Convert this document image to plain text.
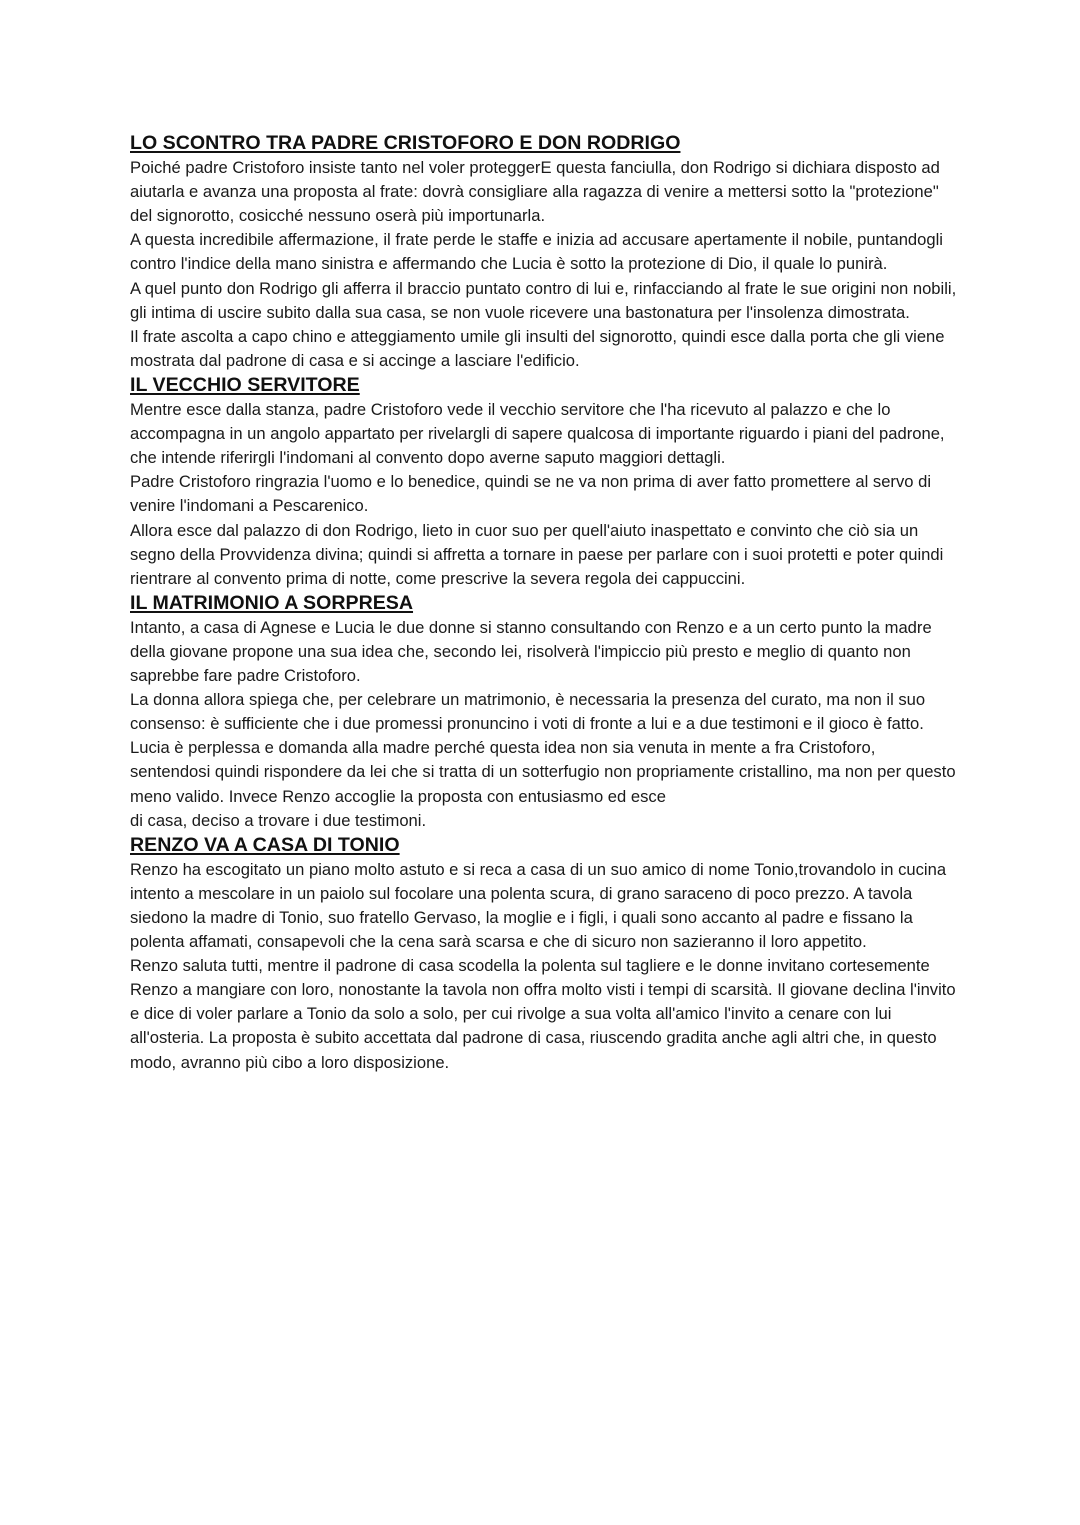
LO SCONTRO TRA PADRE CRISTOFORO E DON RODRIGO

Poiché padre Cristoforo insiste tanto nel voler proteggerE questa fanciulla, don Rodrigo si dichiara disposto ad aiutarla e avanza una proposta al frate: dovrà consigliare alla ragazza di venire a mettersi sotto la "protezione" del signorotto, cosicché nessuno oserà più importunarla.

A questa incredibile affermazione, il frate perde le staffe e inizia ad accusare apertamente il nobile, puntandogli contro l'indice della mano sinistra e affermando che Lucia è sotto la protezione di Dio, il quale lo punirà.

A quel punto don Rodrigo gli afferra il braccio puntato contro di lui e, rinfacciando al frate le sue origini non nobili, gli intima di uscire subito dalla sua casa, se non vuole ricevere una bastonatura per l'insolenza dimostrata.

Il frate ascolta a capo chino e atteggiamento umile gli insulti del signorotto, quindi esce dalla porta che gli viene mostrata dal padrone di casa e si accinge a lasciare l'edificio.

IL VECCHIO SERVITORE

Mentre esce dalla stanza, padre Cristoforo vede il vecchio servitore che l'ha ricevuto al palazzo e che lo accompagna in un angolo appartato per rivelargli di sapere qualcosa di importante riguardo i piani del padrone, che intende riferirgli l'indomani al convento dopo averne saputo maggiori dettagli.

Padre Cristoforo ringrazia l'uomo e lo benedice, quindi se ne va non prima di aver fatto promettere al servo di venire l'indomani a Pescarenico.

Allora esce dal palazzo di don Rodrigo, lieto in cuor suo per quell'aiuto inaspettato e convinto che ciò sia un segno della Provvidenza divina; quindi si affretta a tornare in paese per parlare con i suoi protetti e poter quindi rientrare al convento prima di notte, come prescrive la severa regola dei cappuccini.

IL MATRIMONIO A SORPRESA

Intanto, a casa di Agnese e Lucia le due donne si stanno consultando con Renzo e a un certo punto la madre della giovane propone una sua idea che, secondo lei, risolverà l'impiccio più presto e meglio di quanto non saprebbe fare padre Cristoforo.

La donna allora spiega che, per celebrare un matrimonio, è necessaria la presenza del curato, ma non il suo consenso: è sufficiente che i due promessi pronuncino i voti di fronte a lui e a due testimoni e il gioco è fatto.

Lucia è perplessa e domanda alla madre perché questa idea non sia venuta in mente a fra Cristoforo, sentendosi quindi rispondere da lei che si tratta di un sotterfugio non propriamente cristallino, ma non per questo meno valido. Invece Renzo accoglie la proposta con entusiasmo ed esce

di casa, deciso a trovare i due testimoni.

RENZO VA A CASA DI TONIO

Renzo ha escogitato un piano molto astuto e si reca a casa di un suo amico di nome Tonio,trovandolo in cucina intento a mescolare in un paiolo sul focolare una polenta scura, di grano saraceno di poco prezzo. A tavola siedono la madre di Tonio, suo fratello Gervaso, la moglie e i figli, i quali sono accanto al padre e fissano la polenta affamati, consapevoli che la cena sarà scarsa e che di sicuro non sazieranno il loro appetito.

Renzo saluta tutti, mentre il padrone di casa scodella la polenta sul tagliere e le donne invitano cortesemente Renzo a mangiare con loro, nonostante la tavola non offra molto visti i tempi di scarsità. Il giovane declina l'invito e dice di voler parlare a Tonio da solo a solo, per cui rivolge a sua volta all'amico l'invito a cenare con lui all'osteria. La proposta è subito accettata dal padrone di casa, riuscendo gradita anche agli altri che, in questo modo, avranno più cibo a loro disposizione.
